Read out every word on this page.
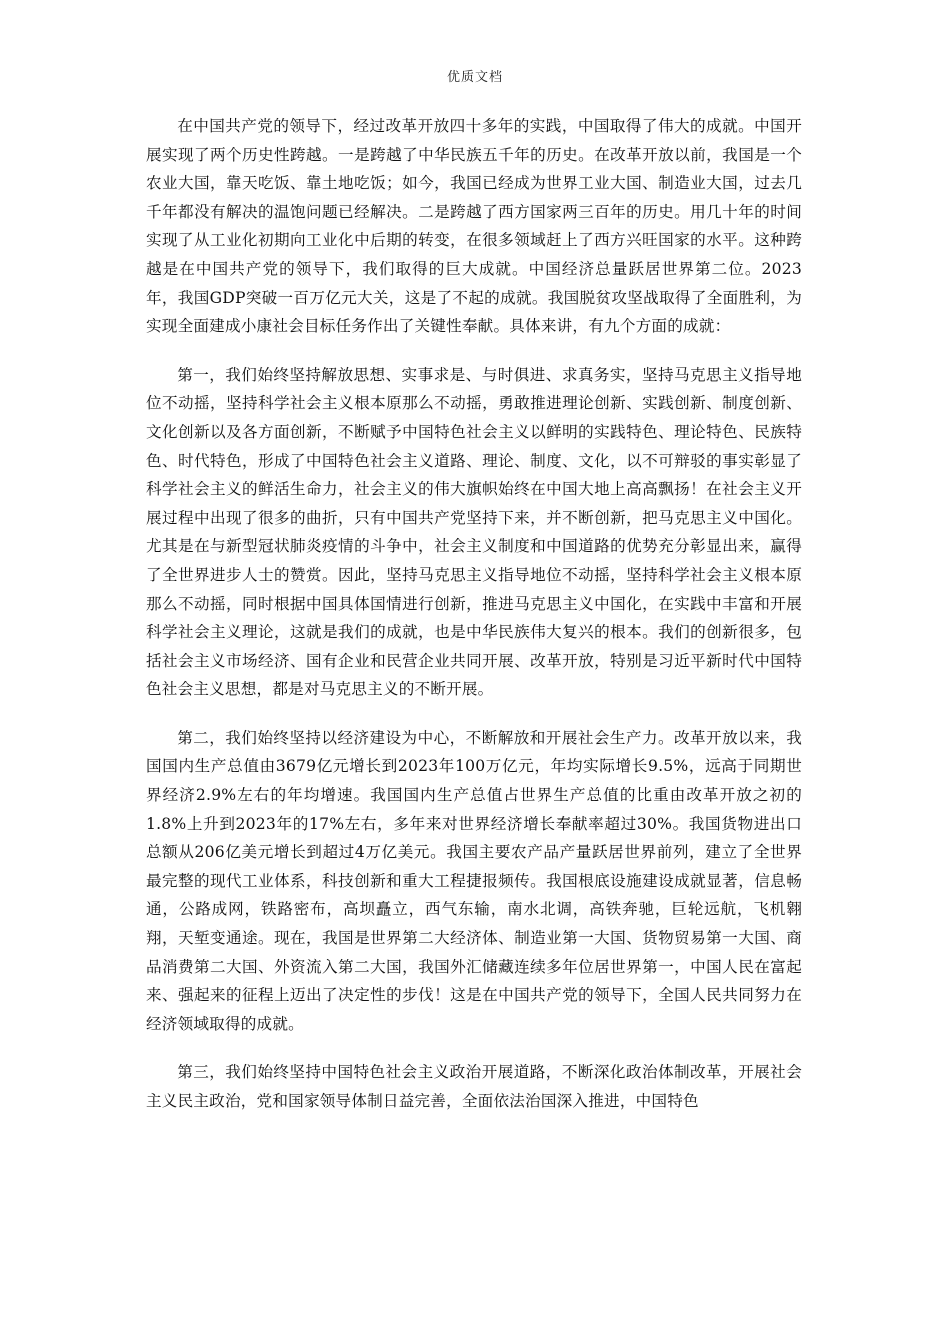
优质文档

在中国共产党的领导下，经过改革开放四十多年的实践，中国取得了伟大的成就。中国开展实现了两个历史性跨越。一是跨越了中华民族五千年的历史。在改革开放以前，我国是一个农业大国，靠天吃饭、靠土地吃饭；如今，我国已经成为世界工业大国、制造业大国，过去几千年都没有解决的温饱问题已经解决。二是跨越了西方国家两三百年的历史。用几十年的时间实现了从工业化初期向工业化中后期的转变，在很多领域赶上了西方兴旺国家的水平。这种跨越是在中国共产党的领导下，我们取得的巨大成就。中国经济总量跃居世界第二位。2023年，我国GDP突破一百万亿元大关，这是了不起的成就。我国脱贫攻坚战取得了全面胜利，为实现全面建成小康社会目标任务作出了关键性奉献。具体来讲，有九个方面的成就：

第一，我们始终坚持解放思想、实事求是、与时俱进、求真务实，坚持马克思主义指导地位不动摇，坚持科学社会主义根本原那么不动摇，勇敢推进理论创新、实践创新、制度创新、文化创新以及各方面创新，不断赋予中国特色社会主义以鲜明的实践特色、理论特色、民族特色、时代特色，形成了中国特色社会主义道路、理论、制度、文化，以不可辩驳的事实彰显了科学社会主义的鲜活生命力，社会主义的伟大旗帜始终在中国大地上高高飘扬！在社会主义开展过程中出现了很多的曲折，只有中国共产党坚持下来，并不断创新，把马克思主义中国化。尤其是在与新型冠状肺炎疫情的斗争中，社会主义制度和中国道路的优势充分彰显出来，赢得了全世界进步人士的赞赏。因此，坚持马克思主义指导地位不动摇，坚持科学社会主义根本原那么不动摇，同时根据中国具体国情进行创新，推进马克思主义中国化，在实践中丰富和开展科学社会主义理论，这就是我们的成就，也是中华民族伟大复兴的根本。我们的创新很多，包括社会主义市场经济、国有企业和民营企业共同开展、改革开放，特别是习近平新时代中国特色社会主义思想，都是对马克思主义的不断开展。

第二，我们始终坚持以经济建设为中心，不断解放和开展社会生产力。改革开放以来，我国国内生产总值由3679亿元增长到2023年100万亿元，年均实际增长9.5%，远高于同期世界经济2.9%左右的年均增速。我国国内生产总值占世界生产总值的比重由改革开放之初的1.8%上升到2023年的17%左右，多年来对世界经济增长奉献率超过30%。我国货物进出口总额从206亿美元增长到超过4万亿美元。我国主要农产品产量跃居世界前列，建立了全世界最完整的现代工业体系，科技创新和重大工程捷报频传。我国根底设施建设成就显著，信息畅通，公路成网，铁路密布，高坝矗立，西气东输，南水北调，高铁奔驰，巨轮远航，飞机翱翔，天堑变通途。现在，我国是世界第二大经济体、制造业第一大国、货物贸易第一大国、商品消费第二大国、外资流入第二大国，我国外汇储藏连续多年位居世界第一，中国人民在富起来、强起来的征程上迈出了决定性的步伐！这是在中国共产党的领导下，全国人民共同努力在经济领域取得的成就。

第三，我们始终坚持中国特色社会主义政治开展道路，不断深化政治体制改革，开展社会主义民主政治，党和国家领导体制日益完善，全面依法治国深入推进，中国特色
